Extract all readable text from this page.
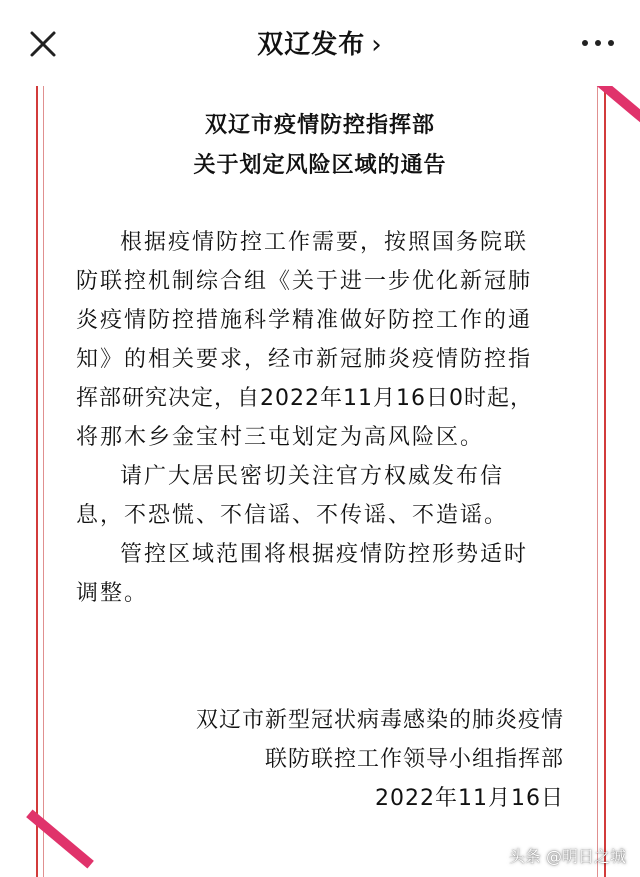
双辽发布 ›
双辽市疫情防控指挥部
关于划定风险区域的通告
根据疫情防控工作需要，按照国务院联
防联控机制综合组《关于进一步优化新冠肺
炎疫情防控措施科学精准做好防控工作的通
知》的相关要求，经市新冠肺炎疫情防控指
挥部研究决定，自2022年11月16日0时起，
将那木乡金宝村三屯划定为高风险区。
请广大居民密切关注官方权威发布信
息，不恐慌、不信谣、不传谣、不造谣。
管控区域范围将根据疫情防控形势适时
调整。
双辽市新型冠状病毒感染的肺炎疫情
联防联控工作领导小组指挥部
2022年11月16日
头条 @明日之城
